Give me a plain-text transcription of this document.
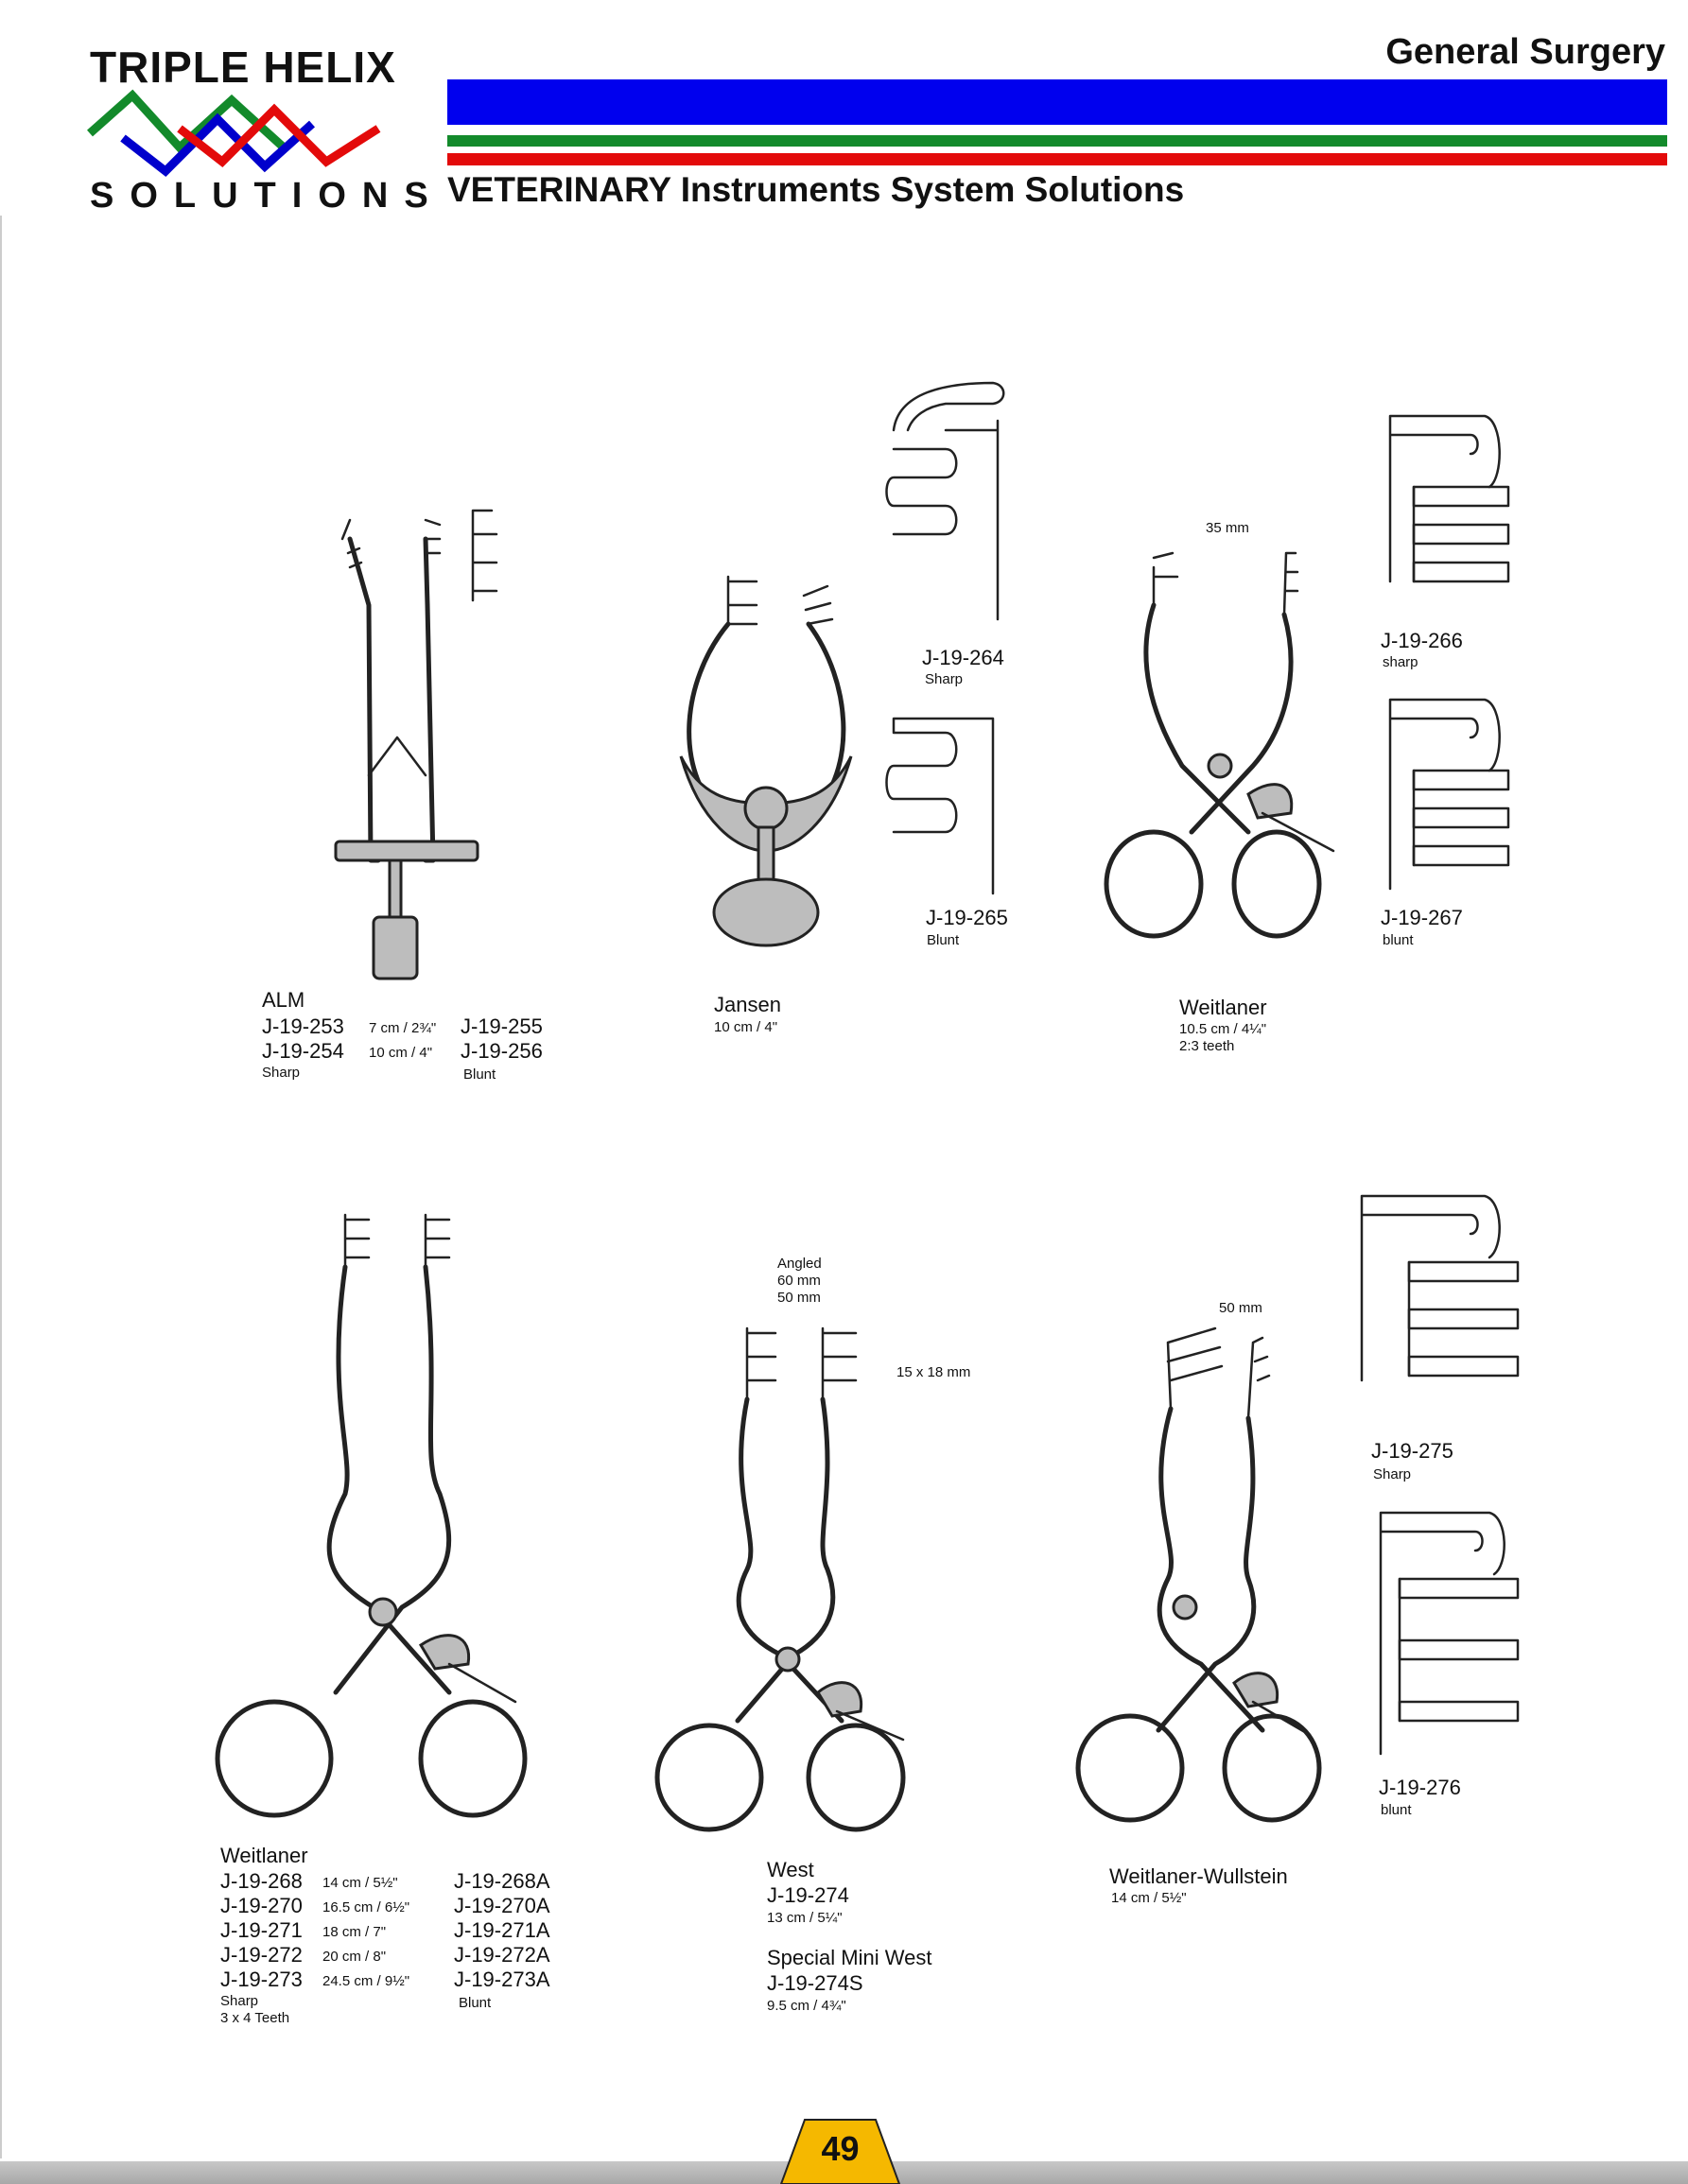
TRIPLE HELIX
SOLUTIONS
General Surgery
VETERINARY Instruments System Solutions
ALM
J-19-253 7 cm / 2¾" J-19-255
J-19-254 10 cm / 4" J-19-256
Sharp	Blunt
J-19-264
Sharp
J-19-265
Blunt
Jansen
10 cm / 4"
35 mm
Weitlaner
10.5 cm / 4¼"
2:3 teeth
J-19-266
sharp
J-19-267
blunt
Weitlaner
J-19-268 14 cm / 5½"	J-19-268A
J-19-270 16.5 cm / 6½" J-19-270A
J-19-271 18 cm / 7"	J-19-271A
J-19-272 20 cm / 8"	J-19-272A
J-19-273 24.5 cm / 9½" J-19-273A
Sharp
3 x 4 Teeth
Blunt
Angled
60 mm
50 mm
15 x 18 mm
West
J-19-274
13 cm / 5¼"
Special Mini West
J-19-274S
9.5 cm / 4¾"
50 mm
Weitlaner-Wullstein
14 cm / 5½"
J-19-275
Sharp
J-19-276
blunt
49
